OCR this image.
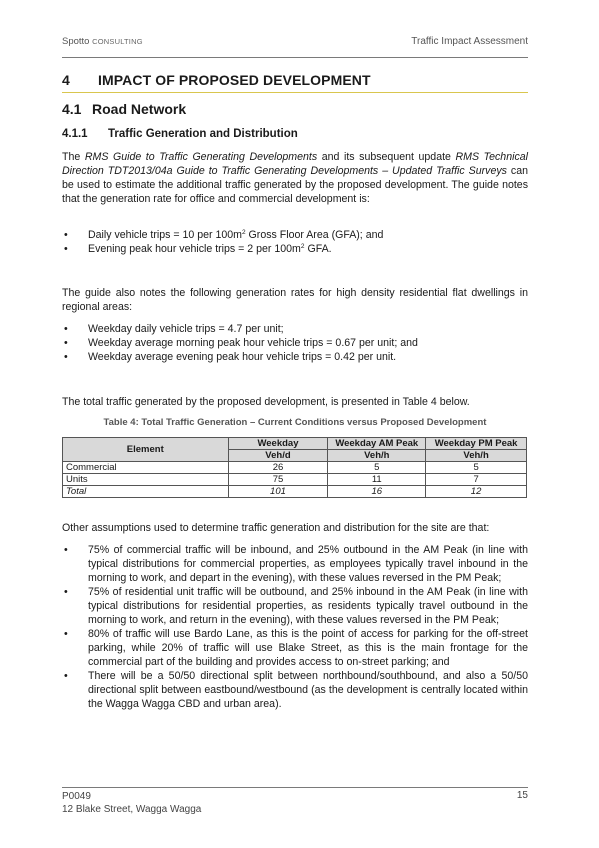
Spotto CONSULTING	Traffic Impact Assessment
4 IMPACT OF PROPOSED DEVELOPMENT
4.1 Road Network
4.1.1 Traffic Generation and Distribution

The RMS Guide to Traffic Generating Developments and its subsequent update RMS Technical Direction TDT2013/04a Guide to Traffic Generating Developments – Updated Traffic Surveys can be used to estimate the additional traffic generated by the proposed development. The guide notes that the generation rate for office and commercial development is:

• Daily vehicle trips = 10 per $100m^2$ Gross Floor Area (GFA); and
• Evening peak hour vehicle trips = 2 per $100m^2$ GFA.

The guide also notes the following generation rates for high density residential flat dwellings in regional areas:

• Weekday daily vehicle trips = 4.7 per unit;
• Weekday average morning peak hour vehicle trips = 0.67 per unit; and
• Weekday average evening peak hour vehicle trips = 0.42 per unit.

The total traffic generated by the proposed development, is presented in Table 4 below.

Table 4: Total Traffic Generation – Current Conditions versus Proposed Development
Element	Weekday	Weekday AM Peak	Weekday PM Peak
	Veh/d	Veh/h	Veh/h
Commercial	26	5	5
Units	75	11	7
Total	101	16	12

Other assumptions used to determine traffic generation and distribution for the site are that:

• 75% of commercial traffic will be inbound, and 25% outbound in the AM Peak (in line with typical distributions for commercial properties, as employees typically travel inbound in the morning to work, and depart in the evening), with these values reversed in the PM Peak;
• 75% of residential unit traffic will be outbound, and 25% inbound in the AM Peak (in line with typical distributions for residential properties, as residents typically travel outbound in the morning to work, and return in the evening), with these values reversed in the PM Peak;
• 80% of traffic will use Bardo Lane, as this is the point of access for parking for the off-street parking, while 20% of traffic will use Blake Street, as this is the main frontage for the commercial part of the building and provides access to on-street parking; and
• There will be a 50/50 directional split between northbound/southbound, and also a 50/50 directional split between eastbound/westbound (as the development is centrally located within the Wagga Wagga CBD and urban area).
P0049
12 Blake Street, Wagga Wagga
15
